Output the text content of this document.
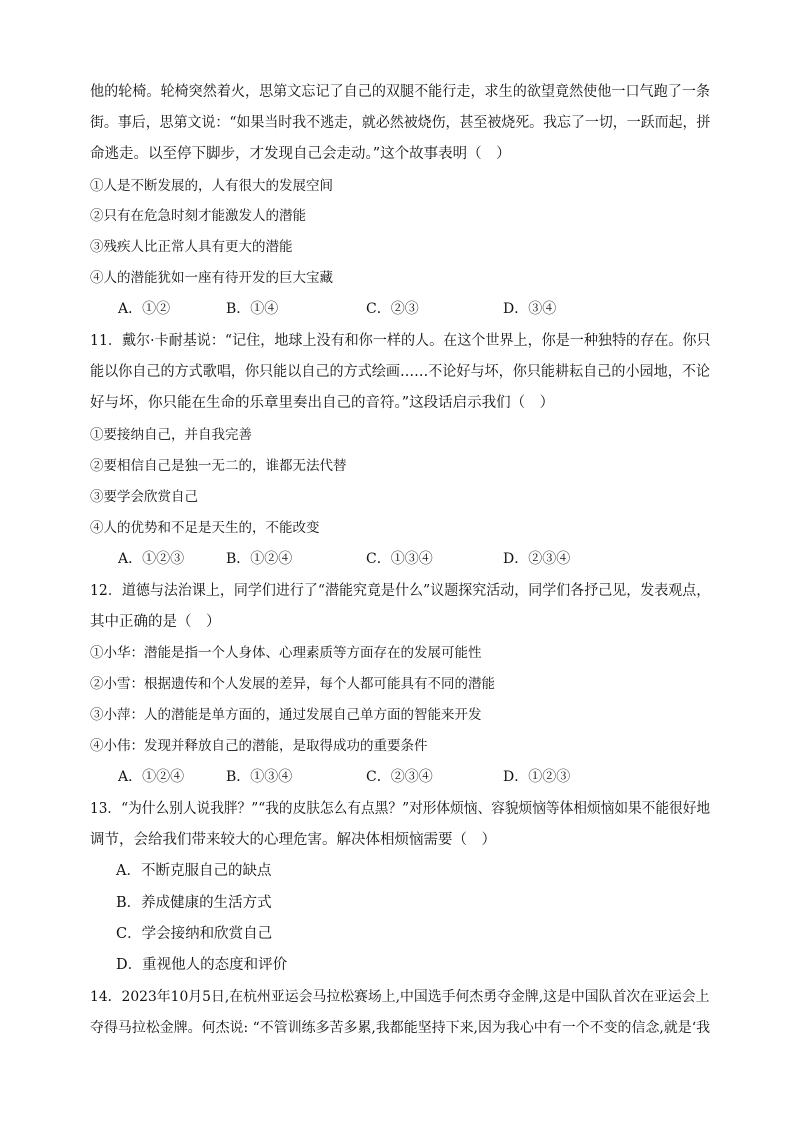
他的轮椅。轮椅突然着火，思第文忘记了自己的双腿不能行走，求生的欲望竟然使他一口气跑了一条
街。事后，思第文说：“如果当时我不逃走，就必然被烧伤，甚至被烧死。我忘了一切，一跃而起，拼
命逃走。以至停下脚步，才发现自己会走动。”这个故事表明（　）
①人是不断发展的，人有很大的发展空间
②只有在危急时刻才能激发人的潜能
③残疾人比正常人具有更大的潜能
④人的潜能犹如一座有待开发的巨大宝藏
A．①②	B．①④	C．②③	D．③④
11．戴尔·卡耐基说：“记住，地球上没有和你一样的人。在这个世界上，你是一种独特的存在。你只
能以你自己的方式歌唱，你只能以自己的方式绘画……不论好与坏，你只能耕耘自己的小园地，不论
好与坏，你只能在生命的乐章里奏出自己的音符。”这段话启示我们（　）
①要接纳自己，并自我完善
②要相信自己是独一无二的，谁都无法代替
③要学会欣赏自己
④人的优势和不足是天生的，不能改变
A．①②③	B．①②④	C．①③④	D．②③④
12．道德与法治课上，同学们进行了“潜能究竟是什么”议题探究活动，同学们各抒己见，发表观点，
其中正确的是（　）
①小华：潜能是指一个人身体、心理素质等方面存在的发展可能性
②小雪：根据遗传和个人发展的差异，每个人都可能具有不同的潜能
③小萍：人的潜能是单方面的，通过发展自己单方面的智能来开发
④小伟：发现并释放自己的潜能，是取得成功的重要条件
A．①②④	B．①③④	C．②③④	D．①②③
13．“为什么别人说我胖？”“我的皮肤怎么有点黑？”对形体烦恼、容貌烦恼等体相烦恼如果不能很好地
调节，会给我们带来较大的心理危害。解决体相烦恼需要（　）
A．不断克服自己的缺点
B．养成健康的生活方式
C．学会接纳和欣赏自己
D．重视他人的态度和评价
14．2023年10月5日,在杭州亚运会马拉松赛场上,中国选手何杰勇夺金牌,这是中国队首次在亚运会上
夺得马拉松金牌。何杰说: “不管训练多苦多累,我都能坚持下来,因为我心中有一个不变的信念,就是‘我
